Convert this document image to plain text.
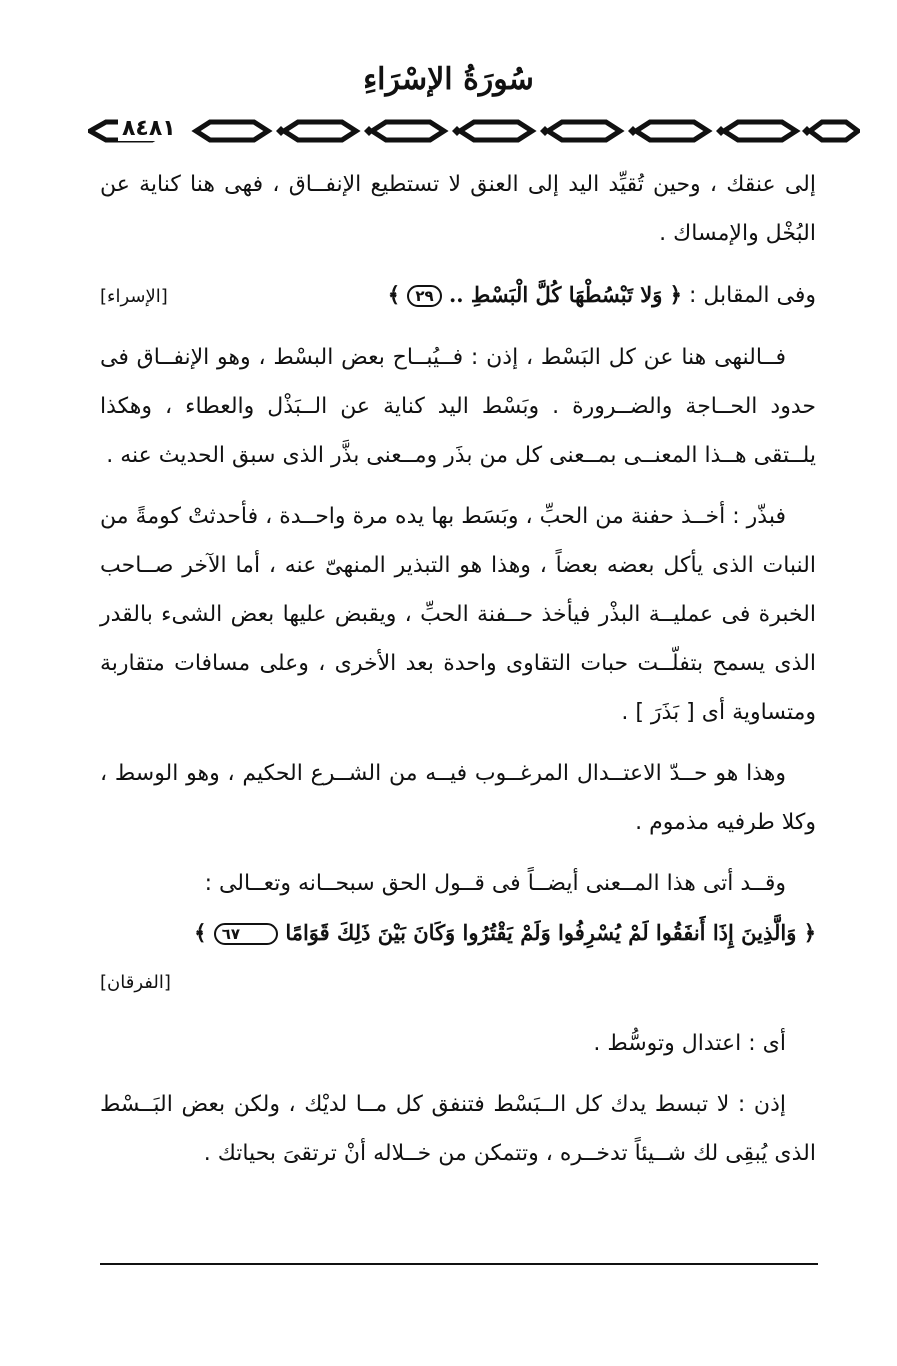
سُورَةُ الإسْرَاءِ
٨٤٨١

إلى عنقك ، وحين تُقيِّد اليد إلى العنق لا تستطيع الإنفــاق ، فهى هنا كناية عن البُخْل والإمساك .

وفى المقابل : ﴿ وَلا تَبْسُطْهَا كُلَّ الْبَسْطِ .. ٢٩ ﴾
[الإسراء]

فــالنهى هنا عن كل البَسْط ، إذن : فــيُبــاح بعض البسْط ، وهو الإنفــاق فى حدود الحــاجة والضــرورة . وبَسْط اليد كناية عن الــبَذْل والعطاء ، وهكذا يلــتقى هــذا المعنــى بمــعنى كل من بذَر ومــعنى بذَّر الذى سبق الحديث عنه .

فبذّر : أخــذ حفنة من الحبِّ ، وبَسَط بها يده مرة واحــدة ، فأحدثتْ كومةً من النبات الذى يأكل بعضه بعضاً ، وهذا هو التبذير المنهىّ عنه ، أما الآخر صــاحب الخبرة فى عمليــة البذْر فيأخذ حــفنة الحبِّ ، ويقبض عليها بعض الشىء بالقدر الذى يسمح بتفلّــت حبات التقاوى واحدة بعد الأخرى ، وعلى مسافات متقاربة ومتساوية أى [ بَذَرَ ] .

وهذا هو حــدّ الاعتــدال المرغــوب فيــه من الشــرع الحكيم ، وهو الوسط ، وكلا طرفيه مذموم .

وقــد أتى هذا المــعنى أيضــاً فى قــول الحق سبحــانه وتعــالى :
﴿ وَالَّذِينَ إِذَا أَنفَقُوا لَمْ يُسْرِفُوا وَلَمْ يَقْتُرُوا وَكَانَ بَيْنَ ذَلِكَ قَوَامًا ٦٧ ﴾

[الفرقان]

أى : اعتدال وتوسُّط .

إذن : لا تبسط يدك كل الــبَسْط فتنفق كل مــا لديْك ، ولكن بعض البَــسْط الذى يُبقِى لك شــيئاً تدخــره ، وتتمكن من خــلاله أنْ ترتقىَ بحياتك .
